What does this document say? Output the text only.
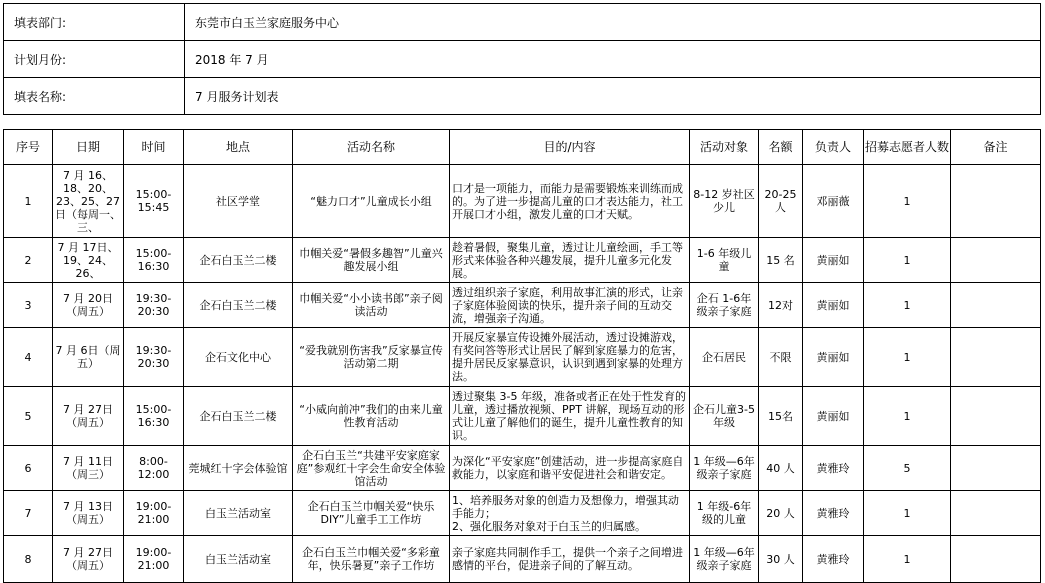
填表部门:	东莞市白玉兰家庭服务中心
计划月份:	2018 年 7 月
填表名称:	7 月服务计划表
序号	日期	时间	地点	活动名称	目的/内容	活动对象	名额	负责人	招募志愿者人数	备注

1	7 月 16、18、20、23、25、27日（每周一、三、	15:00-15:45	社区学堂	“魅力口才”儿童成长小组	口才是一项能力，而能力是需要锻炼来训练而成的。为了进一步提高儿童的口才表达能力，社工开展口才小组，激发儿童的口才天赋。	8-12 岁社区少儿	20-25人	邓丽薇	1	

2	7 月 17日、19、24、26、	15:00-16:30	企石白玉兰二楼	巾帼关爱“暑假多趣智”儿童兴趣发展小组	趁着暑假，聚集儿童，透过让儿童绘画，手工等形式来体验各种兴趣发展，提升儿童多元化发展。	1-6 年级儿童	15 名	黄丽如	1	

3	7 月 20日（周五）	19:30-20:30	企石白玉兰二楼	巾帼关爱“小小读书郎”亲子阅读活动	透过组织亲子家庭，利用故事汇演的形式，让亲子家庭体验阅读的快乐，提升亲子间的互动交流，增强亲子沟通。	企石 1-6年级亲子家庭	12对	黄丽如	1	

4	7 月 6日（周五）	19:30-20:30	企石文化中心	“爱我就别伤害我”反家暴宣传活动第二期	开展反家暴宣传设摊外展活动，透过设摊游戏，有奖问答等形式让居民了解到家庭暴力的危害，提升居民反家暴意识，认识到遇到家暴的处理方法。	企石居民	不限	黄丽如	1	

5	7 月 27日（周五）	15:00-16:30	企石白玉兰二楼	“小威向前冲”我们的由来儿童性教育活动	透过聚集 3-5 年级，准备或者正在处于性发育的儿童，透过播放视频、PPT 讲解，现场互动的形式让儿童了解他们的诞生，提升儿童性教育的知识。	企石儿童3-5 年级	15名	黄丽如	1	

6	7 月 11日（周三）	8:00-12:00	莞城红十字会体验馆	企石白玉兰“共建平安家庭家庭”参观红十字会生命安全体验馆活动	为深化“平安家庭”创建活动，进一步提高家庭自救能力，以家庭和谐平安促进社会和谐安定。	1 年级—6年级亲子家庭	40 人	黄雅玲	5	

7	7 月 13日（周五）	19:00-21:00	白玉兰活动室	企石白玉兰巾帼关爱“快乐 DIY”儿童手工工作坊	1、培养服务对象的创造力及想像力，增强其动手能力；
2、强化服务对象对于白玉兰的归属感。	1 年级-6年级的儿童	20 人	黄雅玲	1	

8	7 月 27日（周五）	19:00-21:00	白玉兰活动室	企石白玉兰巾帼关爱“多彩童年，快乐暑夏”亲子工作坊	亲子家庭共同制作手工，提供一个亲子之间增进感情的平台，促进亲子间的了解互动。	1 年级—6年级亲子家庭	30 人	黄雅玲	1	
